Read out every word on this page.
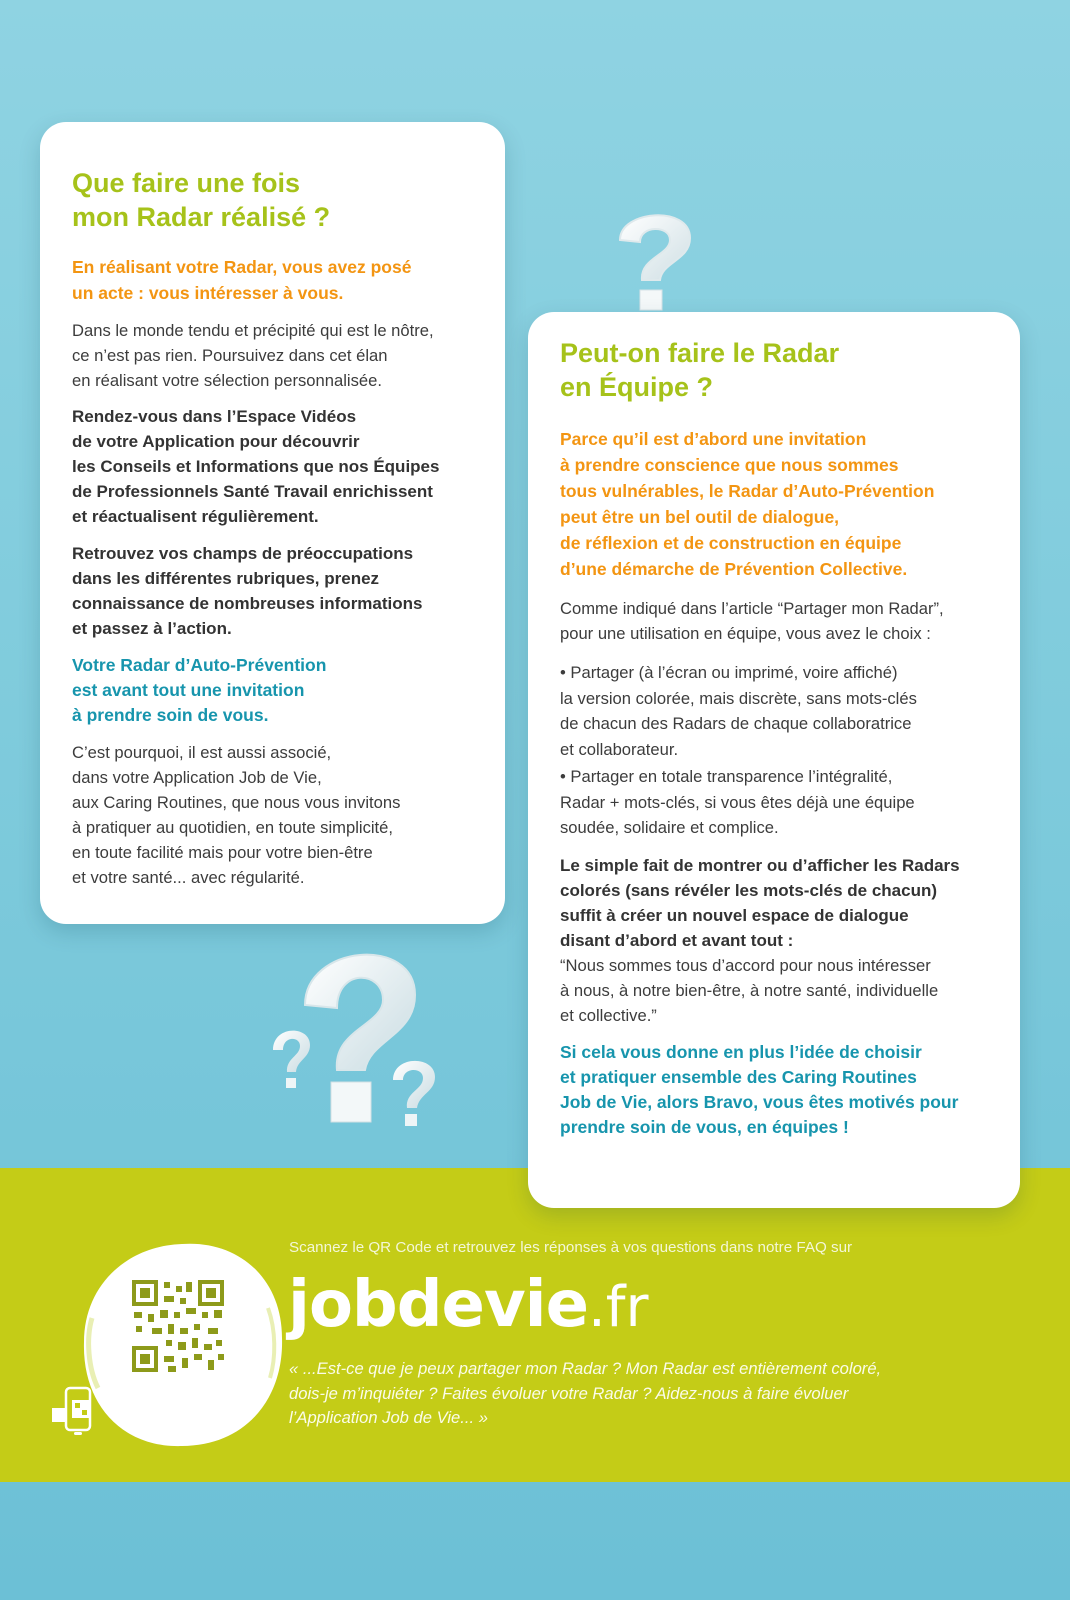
Que faire une fois
mon Radar réalisé ?
En réalisant votre Radar, vous avez posé
un acte : vous intéresser à vous.
Dans le monde tendu et précipité qui est le nôtre,
ce n’est pas rien. Poursuivez dans cet élan
en réalisant votre sélection personnalisée.
Rendez-vous dans l’Espace Vidéos
de votre Application pour découvrir
les Conseils et Informations que nos Équipes
de Professionnels Santé Travail enrichissent
et réactualisent régulièrement.
Retrouvez vos champs de préoccupations
dans les différentes rubriques, prenez
connaissance de nombreuses informations
et passez à l’action.
Votre Radar d’Auto-Prévention
est avant tout une invitation
à prendre soin de vous.
C’est pourquoi, il est aussi associé,
dans votre Application Job de Vie,
aux Caring Routines, que nous vous invitons
à pratiquer au quotidien, en toute simplicité,
en toute facilité mais pour votre bien-être
et votre santé... avec régularité.
Peut-on faire le Radar
en Équipe ?
Parce qu’il est d’abord une invitation
à prendre conscience que nous sommes
tous vulnérables, le Radar d’Auto-Prévention
peut être un bel outil de dialogue,
de réflexion et de construction en équipe
d’une démarche de Prévention Collective.
Comme indiqué dans l’article “Partager mon Radar”,
pour une utilisation en équipe, vous avez le choix :
• Partager (à l’écran ou imprimé, voire affiché)
la version colorée, mais discrète, sans mots-clés
de chacun des Radars de chaque collaboratrice
et collaborateur.
• Partager en totale transparence l’intégralité,
Radar + mots-clés, si vous êtes déjà une équipe
soudée, solidaire et complice.
Le simple fait de montrer ou d’afficher les Radars
colorés (sans révéler les mots-clés de chacun)
suffit à créer un nouvel espace de dialogue
disant d’abord et avant tout :
“Nous sommes tous d’accord pour nous intéresser
à nous, à notre bien-être, à notre santé, individuelle
et collective.”
Si cela vous donne en plus l’idée de choisir
et pratiquer ensemble des Caring Routines
Job de Vie, alors Bravo, vous êtes motivés pour
prendre soin de vous, en équipes !
Scannez le QR Code et retrouvez les réponses à vos questions dans notre FAQ sur
jobdevie.fr
« ...Est-ce que je peux partager mon Radar ? Mon Radar est entièrement coloré,
dois-je m’inquiéter ? Faites évoluer votre Radar ? Aidez-nous à faire évoluer
l’Application Job de Vie... »
